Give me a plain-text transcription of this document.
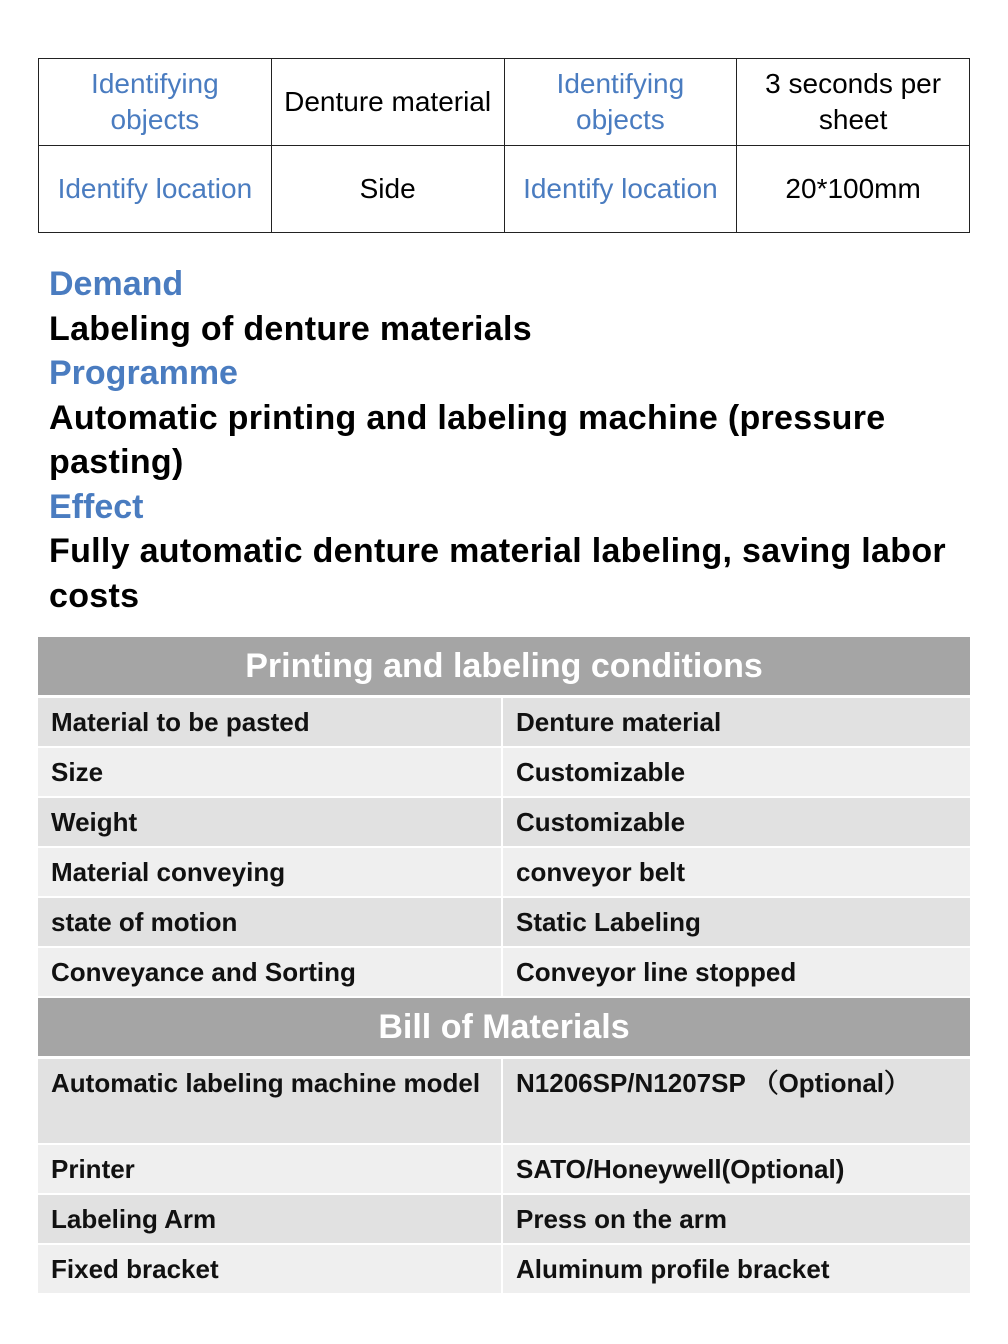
Identifying objects	Denture material	Identifying objects	3 seconds per sheet
Identify location	Side	Identify location	20*100mm
Demand
Labeling of denture materials
Programme
Automatic printing and labeling machine (pressure pasting)
Effect
Fully automatic denture material labeling, saving labor costs
Printing and labeling conditions
Material to be pasted	Denture material
Size	Customizable
Weight	Customizable
Material conveying	conveyor belt
state of motion	Static Labeling
Conveyance and Sorting	Conveyor line stopped
Bill of Materials
Automatic labeling machine model	N1206SP/N1207SP （Optional）
Printer	SATO/Honeywell(Optional)
Labeling Arm	Press on the arm
Fixed bracket	Aluminum profile bracket
